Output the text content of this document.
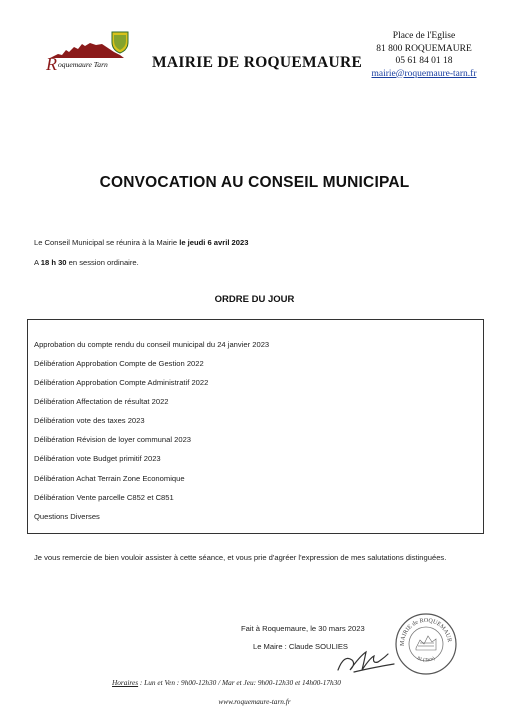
R oquemaure Tarn	MAIRIE DE ROQUEMAURE
Place de l'Eglise
81 800 ROQUEMAURE
05 61 84 01 18
mairie@roquemaure-tarn.fr
CONVOCATION AU CONSEIL MUNICIPAL
Le Conseil Municipal se réunira à la Mairie le jeudi 6 avril 2023
A 18 h 30 en session ordinaire.
ORDRE DU JOUR
Approbation du compte rendu du conseil municipal du 24 janvier 2023
Délibération Approbation Compte de Gestion 2022
Délibération Approbation Compte Administratif 2022
Délibération Affectation de résultat 2022
Délibération vote des taxes 2023
Délibération Révision de loyer communal 2023
Délibération vote Budget primitif 2023
Délibération Achat Terrain Zone Economique
Délibération Vente parcelle C852 et C851
Questions Diverses
Je vous remercie de bien vouloir assister à cette séance, et vous prie d'agréer l'expression de mes salutations distinguées.
Fait à Roquemaure, le 30 mars 2023
Le Maire : Claude SOULIES	MAIRIE de ROQUEMAUR
81 (Tarn)
Horaires : Lun et Ven : 9h00-12h30 / Mar et Jeu: 9h00-12h30 et 14h00-17h30
www.roquemaure-tarn.fr
